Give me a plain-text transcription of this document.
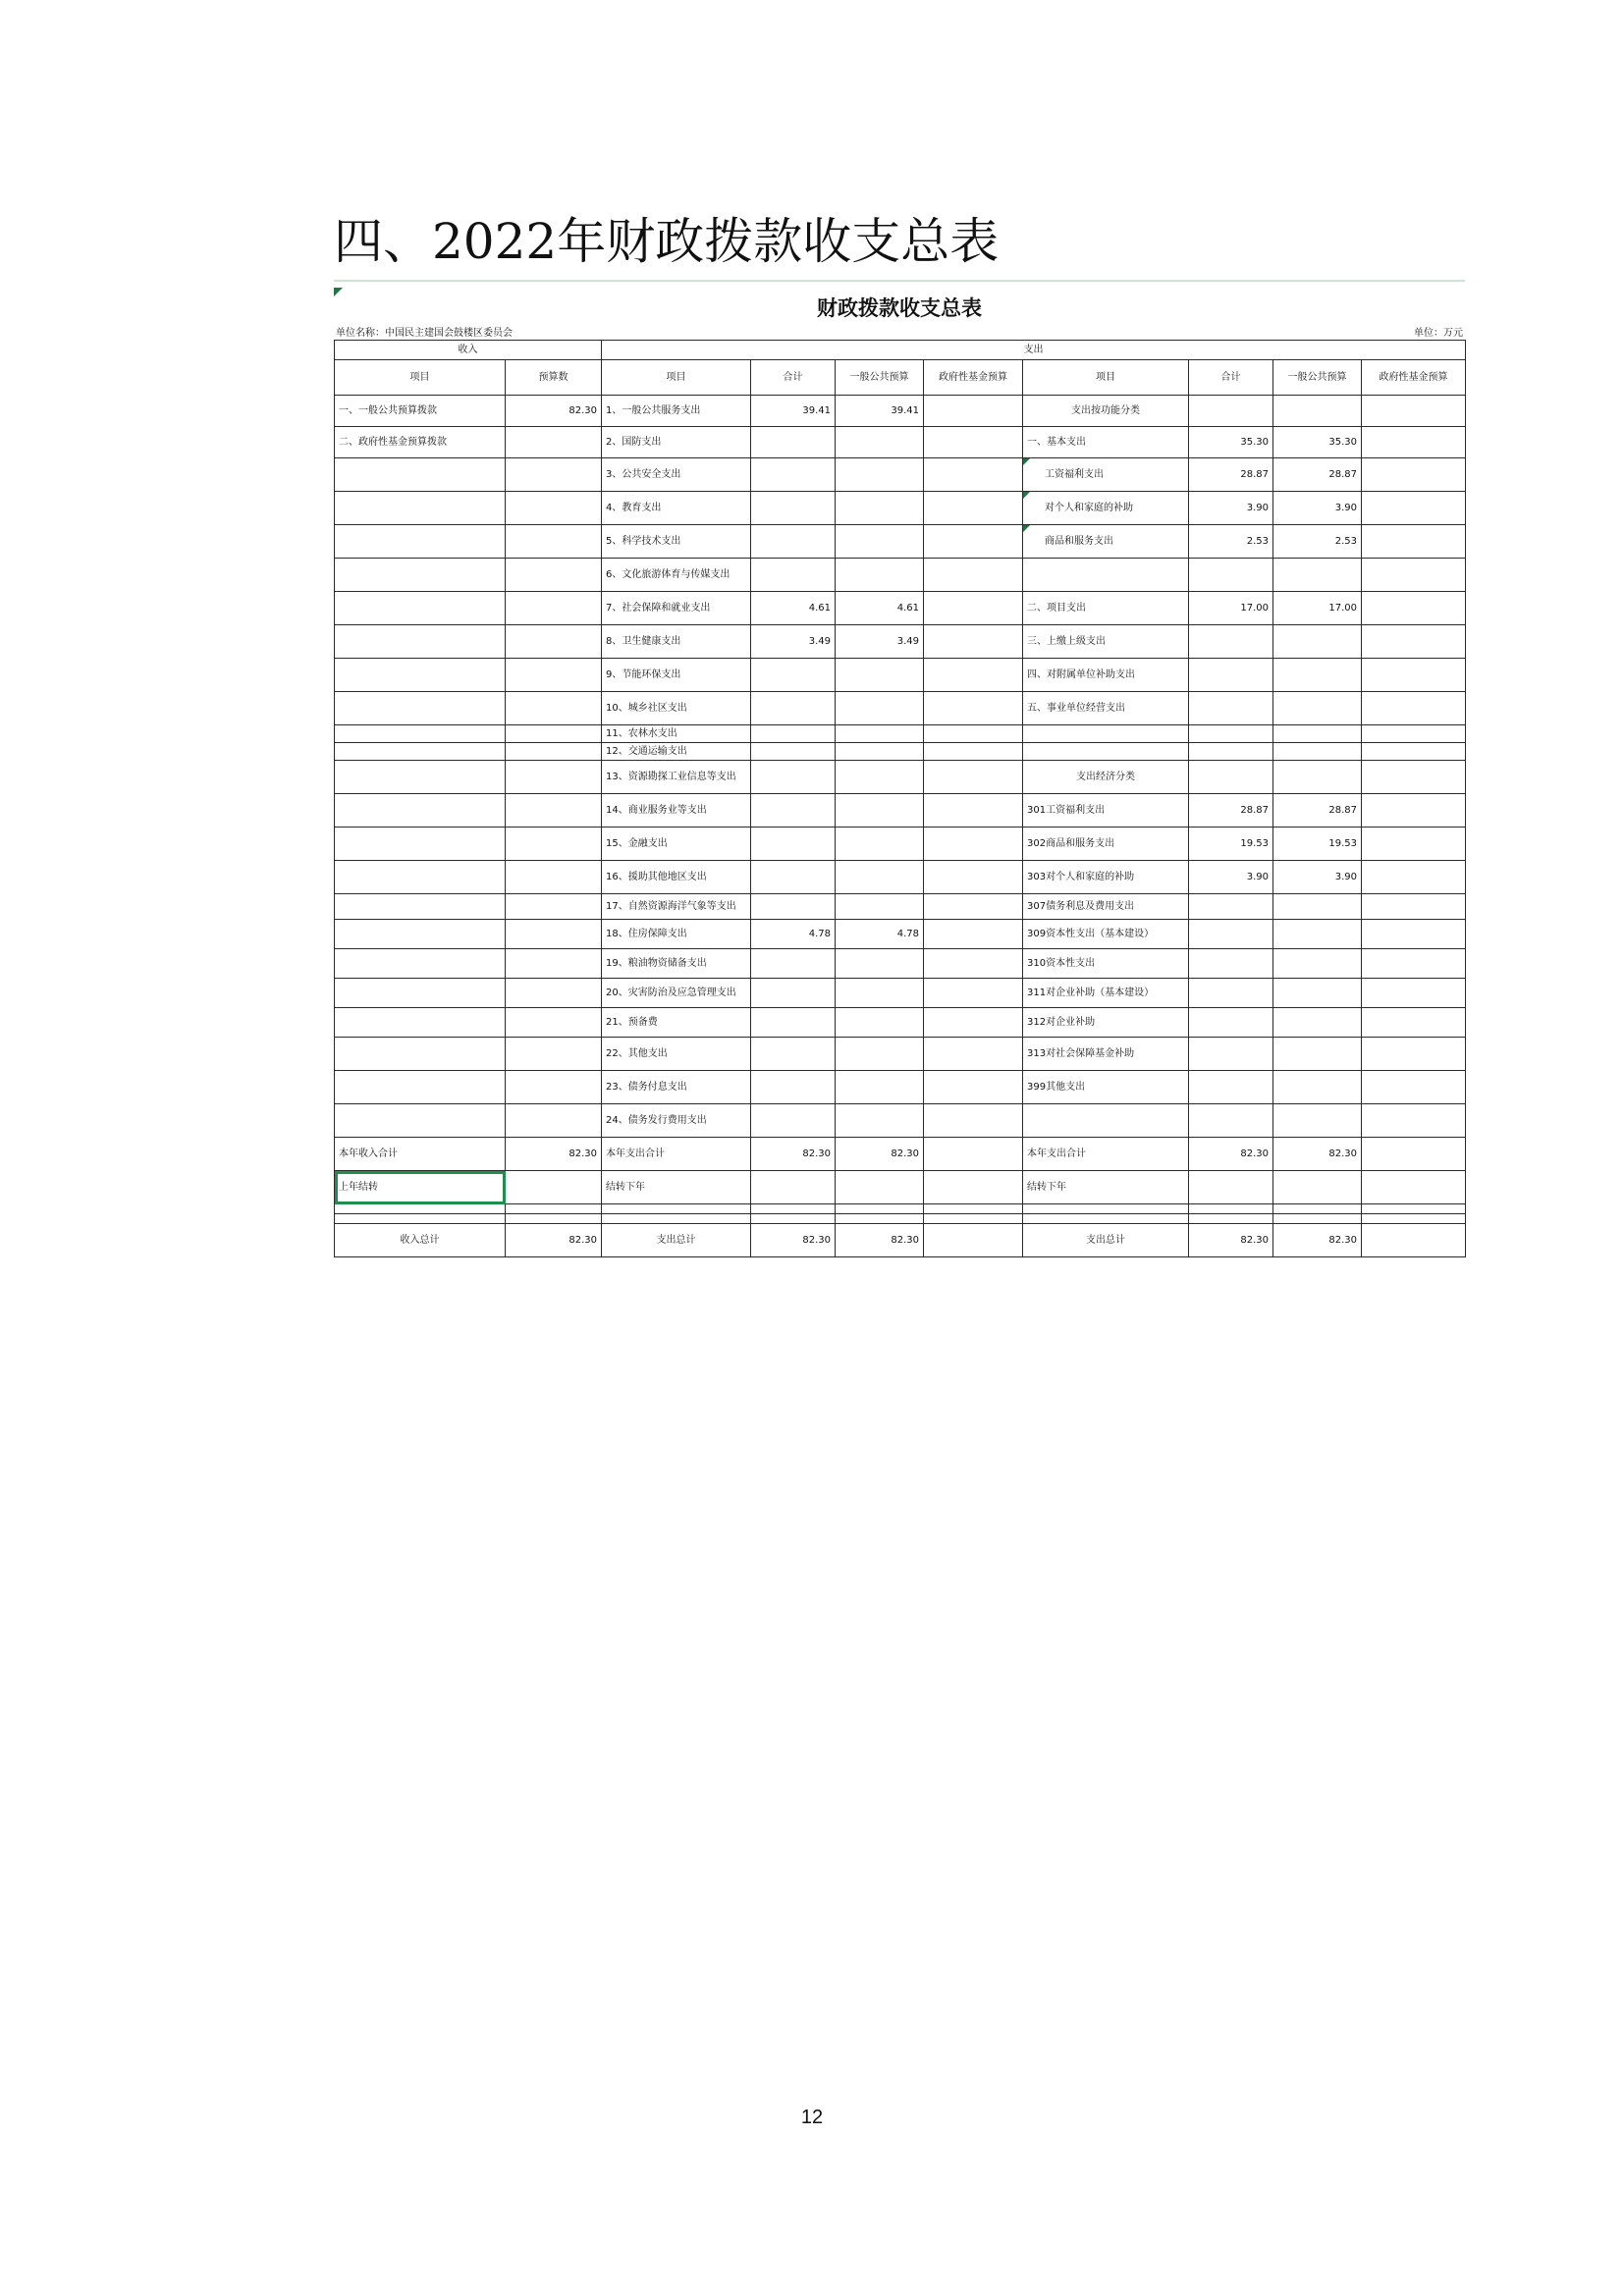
四、2022年财政拨款收支总表
财政拨款收支总表
单位名称：中国民主建国会鼓楼区委员会	单位：万元
收入		支出							
项目	预算数	项目	合计	一般公共预算	政府性基金预算	项目	合计	一般公共预算	政府性基金预算
一、一般公共预算拨款	82.30	1、一般公共服务支出	39.41	39.41		支出按功能分类			
二、政府性基金预算拨款		2、国防支出				一、基本支出	35.30	35.30	
		3、公共安全支出				工资福利支出	28.87	28.87	
		4、教育支出				对个人和家庭的补助	3.90	3.90	
		5、科学技术支出				商品和服务支出	2.53	2.53	
		6、文化旅游体育与传媒支出							
		7、社会保障和就业支出	4.61	4.61		二、项目支出	17.00	17.00	
		8、卫生健康支出	3.49	3.49		三、上缴上级支出			
		9、节能环保支出				四、对附属单位补助支出			
		10、城乡社区支出				五、事业单位经营支出			
		11、农林水支出							
		12、交通运输支出							
		13、资源勘探工业信息等支出				支出经济分类			
		14、商业服务业等支出				301工资福利支出	28.87	28.87	
		15、金融支出				302商品和服务支出	19.53	19.53	
		16、援助其他地区支出				303对个人和家庭的补助	3.90	3.90	
		17、自然资源海洋气象等支出				307债务利息及费用支出			
		18、住房保障支出	4.78	4.78		309资本性支出（基本建设）			
		19、粮油物资储备支出				310资本性支出			
		20、灾害防治及应急管理支出				311对企业补助（基本建设）			
		21、预备费				312对企业补助			
		22、其他支出				313对社会保障基金补助			
		23、债务付息支出				399其他支出			
		24、债务发行费用支出							
本年收入合计	82.30	本年支出合计	82.30	82.30		本年支出合计	82.30	82.30	
上年结转		结转下年				结转下年			

收入总计	82.30	支出总计	82.30	82.30		支出总计	82.30	82.30	
12
